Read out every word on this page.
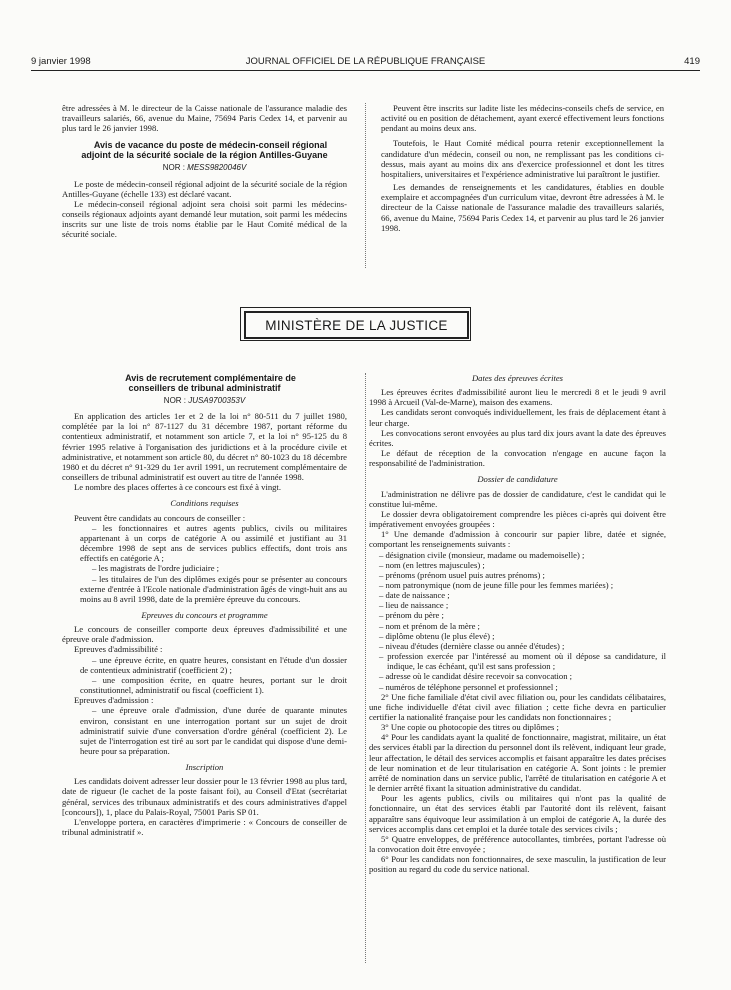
9 janvier 1998	JOURNAL OFFICIEL DE LA RÉPUBLIQUE FRANÇAISE	419

être adressées à M. le directeur de la Caisse nationale de l'assurance maladie des travailleurs salariés, 66, avenue du Maine, 75694 Paris Cedex 14, et parvenir au plus tard le 26 janvier 1998.

Avis de vacance du poste de médecin-conseil régional adjoint de la sécurité sociale de la région Antilles-Guyane

NOR : MESS9820046V

Le poste de médecin-conseil régional adjoint de la sécurité sociale de la région Antilles-Guyane (échelle 133) est déclaré vacant.

Le médecin-conseil régional adjoint sera choisi soit parmi les médecins-conseils régionaux adjoints ayant demandé leur mutation, soit parmi les médecins inscrits sur une liste de trois noms établie par le Haut Comité médical de la sécurité sociale.

Peuvent être inscrits sur ladite liste les médecins-conseils chefs de service, en activité ou en position de détachement, ayant exercé effectivement leurs fonctions pendant au moins deux ans.

Toutefois, le Haut Comité médical pourra retenir exceptionnellement la candidature d'un médecin, conseil ou non, ne remplissant pas les conditions ci-dessus, mais ayant au moins dix ans d'exercice professionnel et dont les titres hospitaliers, universitaires et l'expérience administrative lui paraîtront le justifier.

Les demandes de renseignements et les candidatures, établies en double exemplaire et accompagnées d'un curriculum vitae, devront être adressées à M. le directeur de la Caisse nationale de l'assurance maladie des travailleurs salariés, 66, avenue du Maine, 75694 Paris Cedex 14, et parvenir au plus tard le 26 janvier 1998.

MINISTÈRE DE LA JUSTICE

Avis de recrutement complémentaire de conseillers de tribunal administratif

NOR : JUSA9700353V

En application des articles 1er et 2 de la loi n° 80-511 du 7 juillet 1980, complétée par la loi n° 87-1127 du 31 décembre 1987, portant réforme du contentieux administratif, et notamment son article 7, et la loi n° 95-125 du 8 février 1995 relative à l'organisation des juridictions et à la procédure civile et administrative, et notamment son article 80, du décret n° 80-1023 du 18 décembre 1980 et du décret n° 91-329 du 1er avril 1991, un recrutement complémentaire de conseillers de tribunal administratif est ouvert au titre de l'année 1998.

Le nombre des places offertes à ce concours est fixé à vingt.

Conditions requises

Peuvent être candidats au concours de conseiller :

– les fonctionnaires et autres agents publics, civils ou militaires appartenant à un corps de catégorie A ou assimilé et justifiant au 31 décembre 1998 de sept ans de services publics effectifs, dont trois ans effectifs en catégorie A ;

– les magistrats de l'ordre judiciaire ;

– les titulaires de l'un des diplômes exigés pour se présenter au concours externe d'entrée à l'Ecole nationale d'administration âgés de vingt-huit ans au moins au 8 avril 1998, date de la première épreuve du concours.

Epreuves du concours et programme

Le concours de conseiller comporte deux épreuves d'admissibilité et une épreuve orale d'admission.

Epreuves d'admissibilité :

– une épreuve écrite, en quatre heures, consistant en l'étude d'un dossier de contentieux administratif (coefficient 2) ;

– une composition écrite, en quatre heures, portant sur le droit constitutionnel, administratif ou fiscal (coefficient 1).

Epreuves d'admission :

– une épreuve orale d'admission, d'une durée de quarante minutes environ, consistant en une interrogation portant sur un sujet de droit administratif suivie d'une conversation d'ordre général (coefficient 2). Le sujet de l'interrogation est tiré au sort par le candidat qui dispose d'une demi-heure pour sa préparation.

Inscription

Les candidats doivent adresser leur dossier pour le 13 février 1998 au plus tard, date de rigueur (le cachet de la poste faisant foi), au Conseil d'Etat (secrétariat général, services des tribunaux administratifs et des cours administratives d'appel [concours]), 1, place du Palais-Royal, 75001 Paris SP 01.

L'enveloppe portera, en caractères d'imprimerie : « Concours de conseiller de tribunal administratif ».

Dates des épreuves écrites

Les épreuves écrites d'admissibilité auront lieu le mercredi 8 et le jeudi 9 avril 1998 à Arcueil (Val-de-Marne), maison des examens.

Les candidats seront convoqués individuellement, les frais de déplacement étant à leur charge.

Les convocations seront envoyées au plus tard dix jours avant la date des épreuves écrites.

Le défaut de réception de la convocation n'engage en aucune façon la responsabilité de l'administration.

Dossier de candidature

L'administration ne délivre pas de dossier de candidature, c'est le candidat qui le constitue lui-même.

Le dossier devra obligatoirement comprendre les pièces ci-après qui doivent être impérativement envoyées groupées :

1° Une demande d'admission à concourir sur papier libre, datée et signée, comportant les renseignements suivants :

– désignation civile (monsieur, madame ou mademoiselle) ;

– nom (en lettres majuscules) ;

– prénoms (prénom usuel puis autres prénoms) ;

– nom patronymique (nom de jeune fille pour les femmes mariées) ;

– date de naissance ;

– lieu de naissance ;

– prénom du père ;

– nom et prénom de la mère ;

– diplôme obtenu (le plus élevé) ;

– niveau d'études (dernière classe ou année d'études) ;

– profession exercée par l'intéressé au moment où il dépose sa candidature, il indique, le cas échéant, qu'il est sans profession ;

– adresse où le candidat désire recevoir sa convocation ;

– numéros de téléphone personnel et professionnel ;

2° Une fiche familiale d'état civil avec filiation ou, pour les candidats célibataires, une fiche individuelle d'état civil avec filiation ; cette fiche devra en particulier certifier la nationalité française pour les candidats non fonctionnaires ;

3° Une copie ou photocopie des titres ou diplômes ;

4° Pour les candidats ayant la qualité de fonctionnaire, magistrat, militaire, un état des services établi par la direction du personnel dont ils relèvent, indiquant leur grade, leur affectation, le détail des services accomplis et faisant apparaître les dates précises de leur nomination et de leur titularisation en catégorie A. Sont joints : le premier arrêté de nomination dans un service public, l'arrêté de titularisation en catégorie A et le dernier arrêté fixant la situation administrative du candidat.

Pour les agents publics, civils ou militaires qui n'ont pas la qualité de fonctionnaire, un état des services établi par l'autorité dont ils relèvent, faisant apparaître sans équivoque leur assimilation à un emploi de catégorie A, la durée des services accomplis dans cet emploi et la durée totale des services civils ;

5° Quatre enveloppes, de préférence autocollantes, timbrées, portant l'adresse où la convocation doit être envoyée ;

6° Pour les candidats non fonctionnaires, de sexe masculin, la justification de leur position au regard du code du service national.
